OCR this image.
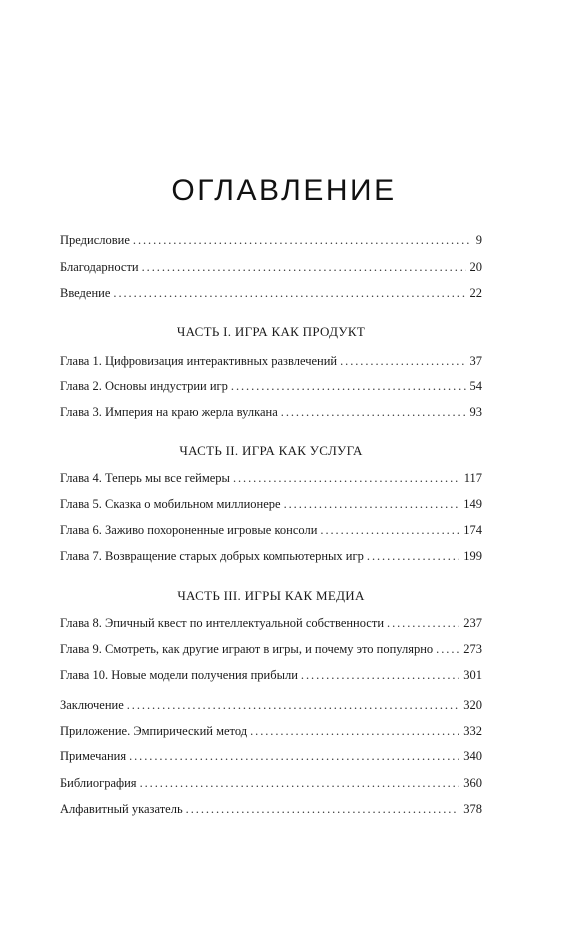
ОГЛАВЛЕНИЕ
Предисловие . . .	9
Благодарности . . .	20
Введение . . .	22
ЧАСТЬ I. ИГРА КАК ПРОДУКТ
Глава 1. Цифровизация интерактивных развлечений . . .	37
Глава 2. Основы индустрии игр . . .	54
Глава 3. Империя на краю жерла вулкана . . .	93
ЧАСТЬ II. ИГРА КАК УСЛУГА
Глава 4. Теперь мы все геймеры . . .	117
Глава 5. Сказка о мобильном миллионере . . .	149
Глава 6. Заживо похороненные игровые консоли . . .	174
Глава 7. Возвращение старых добрых компьютерных игр . . .	199
ЧАСТЬ III. ИГРЫ КАК МЕДИА
Глава 8. Эпичный квест по интеллектуальной собственности . . .	237
Глава 9. Смотреть, как другие играют в игры, и почему это популярно . . . 273
Глава 10. Новые модели получения прибыли . . .	301
Заключение . . .	320
Приложение. Эмпирический метод . . .	332
Примечания . . .	340
Библиография . . .	360
Алфавитный указатель . . .	378
